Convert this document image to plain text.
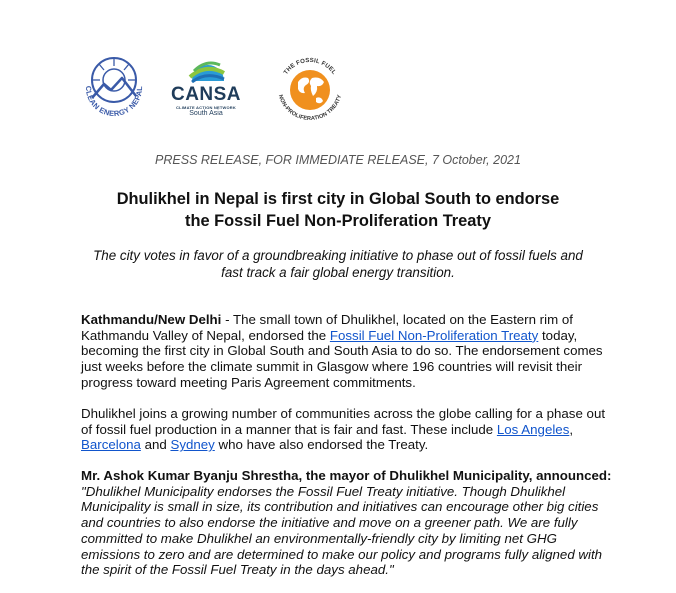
CLEAN ENERGY NEPAL CANSA
CLIMATE ACTION NETWORK
South Asia
THE FOSSIL FUEL
NON-PROLIFERATION TREATY
PRESS RELEASE, FOR IMMEDIATE RELEASE, 7 October, 2021
Dhulikhel in Nepal is first city in Global South to endorse
the Fossil Fuel Non-Proliferation Treaty
The city votes in favor of a groundbreaking initiative to phase out of fossil fuels and
fast track a fair global energy transition.
Kathmandu/New Delhi - The small town of Dhulikhel, located on the Eastern rim of Kathmandu Valley of Nepal, endorsed the Fossil Fuel Non-Proliferation Treaty today, becoming the first city in Global South and South Asia to do so. The endorsement comes just weeks before the climate summit in Glasgow where 196 countries will revisit their progress toward meeting Paris Agreement commitments.
Dhulikhel joins a growing number of communities across the globe calling for a phase out of fossil fuel production in a manner that is fair and fast. These include Los Angeles, Barcelona and Sydney who have also endorsed the Treaty.
Mr. Ashok Kumar Byanju Shrestha, the mayor of Dhulikhel Municipality, announced: "Dhulikhel Municipality endorses the Fossil Fuel Treaty initiative. Though Dhulikhel Municipality is small in size, its contribution and initiatives can encourage other big cities and countries to also endorse the initiative and move on a greener path. We are fully committed to make Dhulikhel an environmentally-friendly city by limiting net GHG emissions to zero and are determined to make our policy and programs fully aligned with the spirit of the Fossil Fuel Treaty in the days ahead."
